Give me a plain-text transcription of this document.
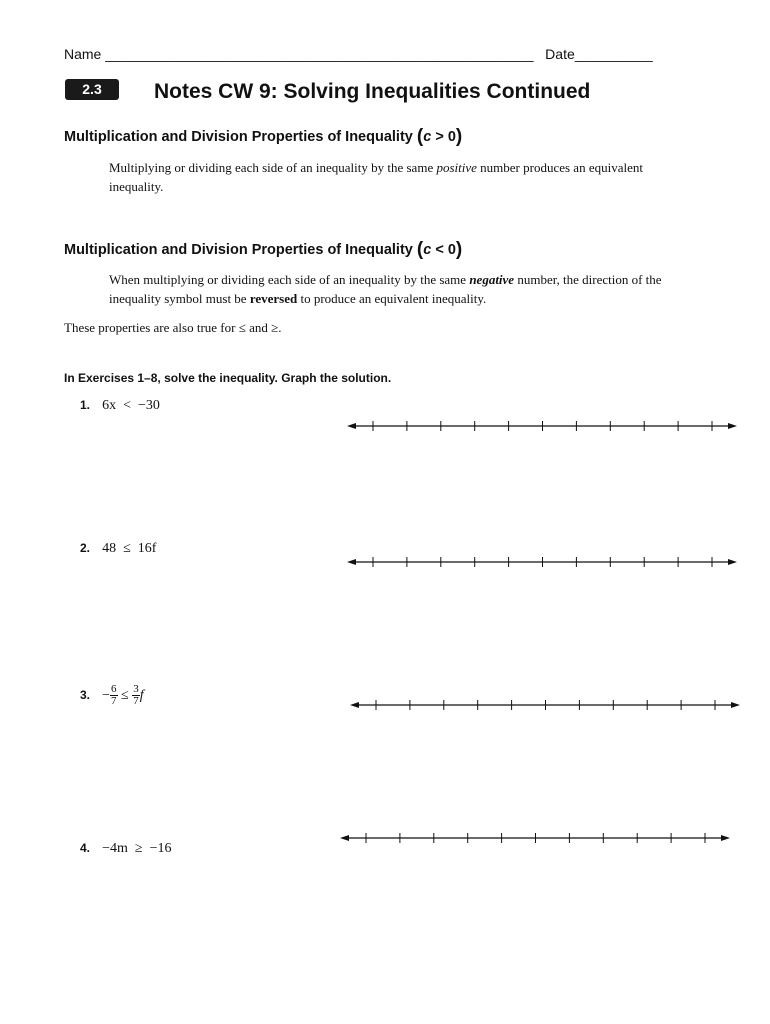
Name _______________________________________________________ Date__________
2.3	Notes CW 9: Solving Inequalities Continued
Multiplication and Division Properties of Inequality (c > 0)
Multiplying or dividing each side of an inequality by the same positive number produces an equivalent inequality.
Multiplication and Division Properties of Inequality (c < 0)
When multiplying or dividing each side of an inequality by the same negative number, the direction of the inequality symbol must be reversed to produce an equivalent inequality.
These properties are also true for ≤ and ≥.
In Exercises 1–8, solve the inequality. Graph the solution.
1. 6x  <  −30
2. 48  ≤  16f
3. − $\frac{6}{7} \le \frac{3}{7}$ f
4. −4m  ≥  −16
